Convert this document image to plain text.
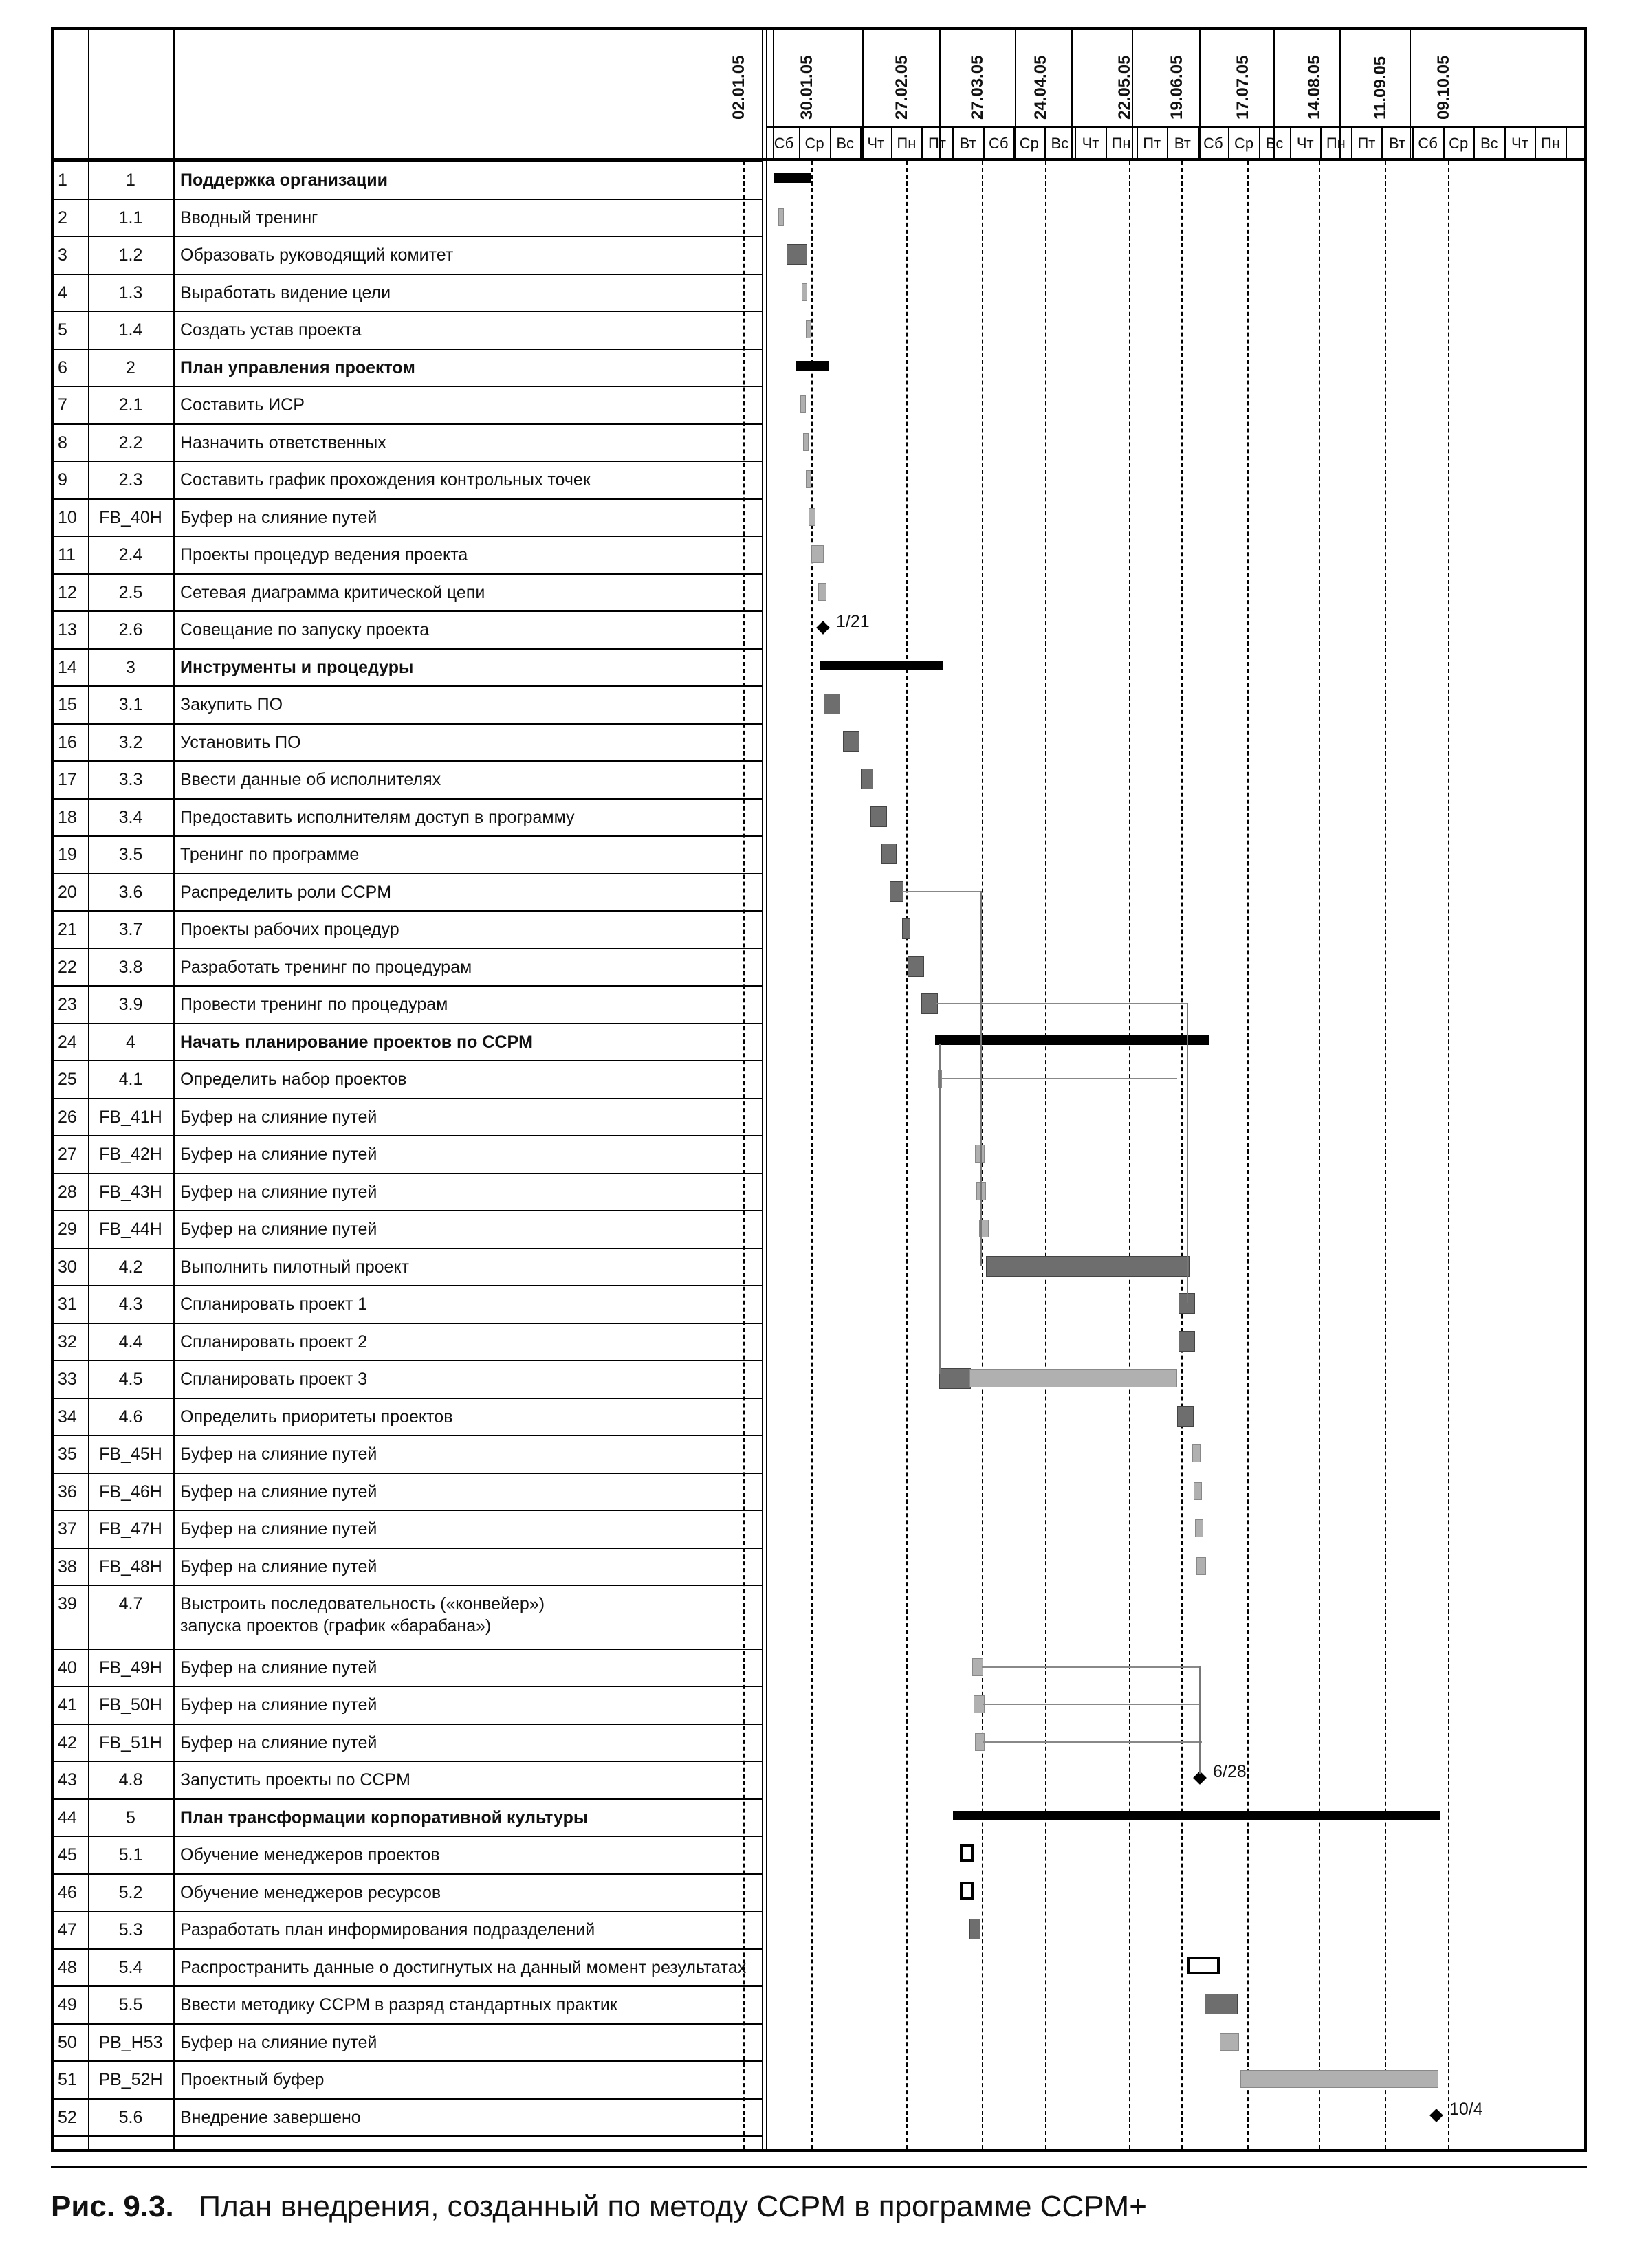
1	1	Поддержка организации
2	1.1	Вводный тренинг
3	1.2	Образовать руководящий комитет
4	1.3	Выработать видение цели
5	1.4	Создать устав проекта
6	2	План управления проектом
7	2.1	Составить ИСР
8	2.2	Назначить ответственных
9	2.3	Составить график прохождения контрольных точек
10	FB_40H	Буфер на слияние путей
11	2.4	Проекты процедур ведения проекта
12	2.5	Сетевая диаграмма критической цепи
13	2.6	Совещание по запуску проекта
14	3	Инструменты и процедуры
15	3.1	Закупить ПО
16	3.2	Установить ПО
17	3.3	Ввести данные об исполнителях
18	3.4	Предоставить исполнителям доступ в программу
19	3.5	Тренинг по программе
20	3.6	Распределить роли CCPM
21	3.7	Проекты рабочих процедур
22	3.8	Разработать тренинг по процедурам
23	3.9	Провести тренинг по процедурам
24	4	Начать планирование проектов по CCPM
25	4.1	Определить набор проектов
26	FB_41H	Буфер на слияние путей
27	FB_42H	Буфер на слияние путей
28	FB_43H	Буфер на слияние путей
29	FB_44H	Буфер на слияние путей
30	4.2	Выполнить пилотный проект
31	4.3	Спланировать проект 1
32	4.4	Спланировать проект 2
33	4.5	Спланировать проект 3
34	4.6	Определить приоритеты проектов
35	FB_45H	Буфер на слияние путей
36	FB_46H	Буфер на слияние путей
37	FB_47H	Буфер на слияние путей
38	FB_48H	Буфер на слияние путей
39	4.7	Выстроить последовательность («конвейер»)
запуска проектов (график «барабана»)
40	FB_49H	Буфер на слияние путей
41	FB_50H	Буфер на слияние путей
42	FB_51H	Буфер на слияние путей
43	4.8	Запустить проекты по CCPM
44	5	План трансформации корпоративной культуры
45	5.1	Обучение менеджеров проектов
46	5.2	Обучение менеджеров ресурсов
47	5.3	Разработать план информирования подразделений
48	5.4	Распространить данные о достигнутых на данный момент результатах
49	5.5	Ввести методику CCPM в разряд стандартных практик
50	PB_H53	Буфер на слияние путей
51	PB_52H	Проектный буфер
52	5.6	Внедрение завершено
Сб Ср Вс Чт Пн Пт Вт Сб Ср Вс Чт Пн Пт Вт Сб Ср Вс Чт Пн Пт Вт Сб Ср Вс Чт Пн
02.01.05	30.01.05	27.02.05	27.03.05	24.04.05	22.05.05 19.06.05	17.07.05	14.08.05	11.09.05	09.10.05
1/21
6/28
10/4
Рис. 9.3. План внедрения, созданный по методу CCPM в программе CCPM+
